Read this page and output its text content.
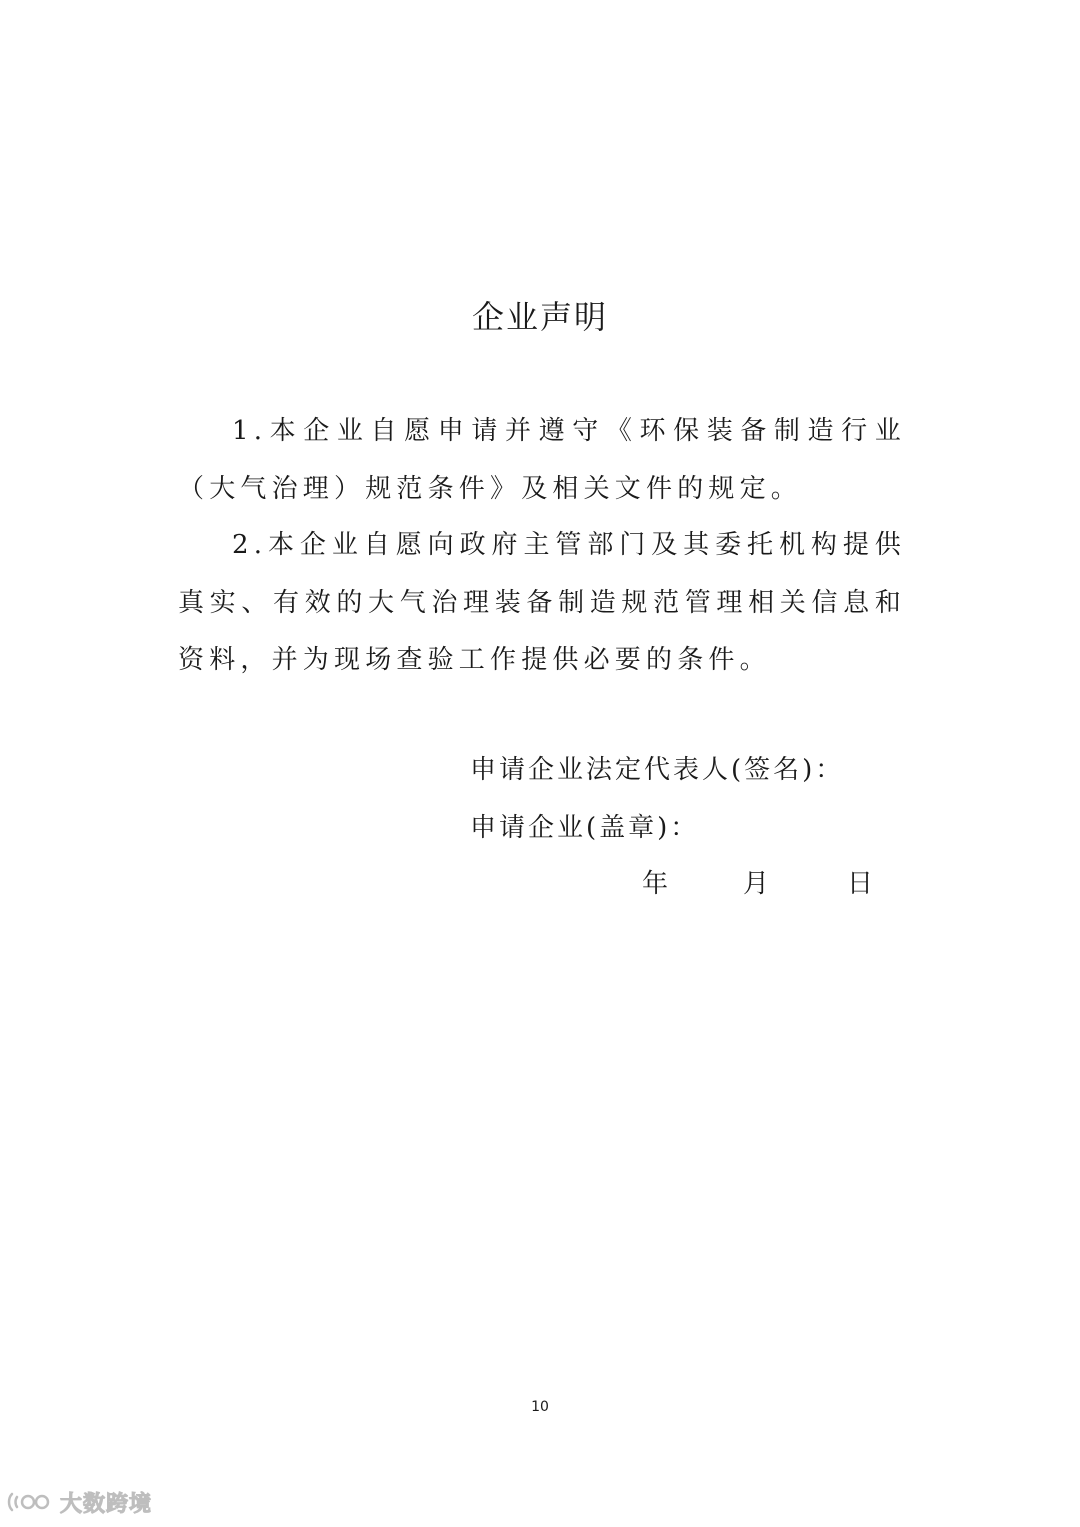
企业声明

1.本企业自愿申请并遵守《环保装备制造行业（大气治理）规范条件》及相关文件的规定。

2.本企业自愿向政府主管部门及其委托机构提供真实、有效的大气治理装备制造规范管理相关信息和资料，并为现场查验工作提供必要的条件。

申请企业法定代表人(签名)：
申请企业(盖章)：
年	月	日
10
大数跨境
